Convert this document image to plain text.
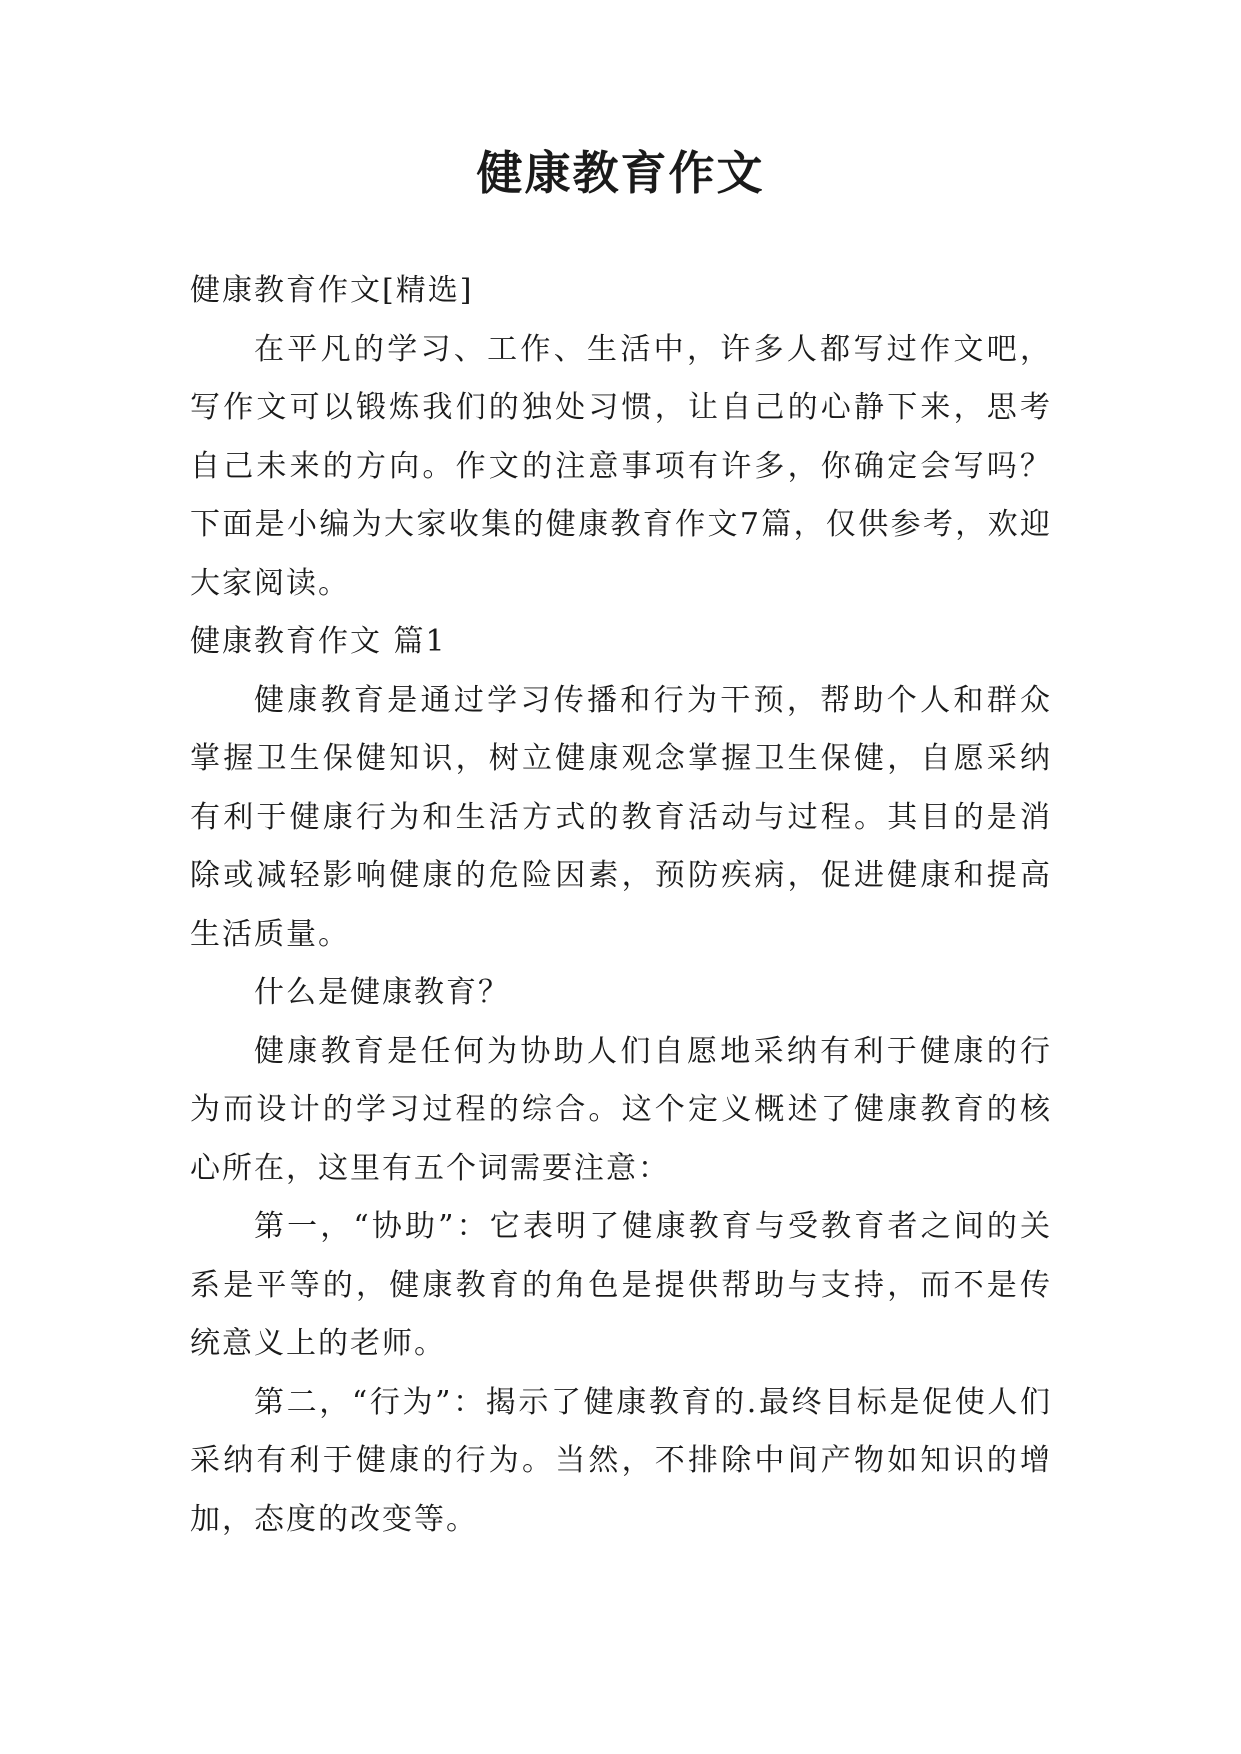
健康教育作文

健康教育作文[精选]

在平凡的学习、工作、生活中，许多人都写过作文吧，写作文可以锻炼我们的独处习惯，让自己的心静下来，思考自己未来的方向。作文的注意事项有许多，你确定会写吗？下面是小编为大家收集的健康教育作文7篇，仅供参考，欢迎大家阅读。

健康教育作文 篇1

健康教育是通过学习传播和行为干预，帮助个人和群众掌握卫生保健知识，树立健康观念掌握卫生保健，自愿采纳有利于健康行为和生活方式的教育活动与过程。其目的是消除或减轻影响健康的危险因素，预防疾病，促进健康和提高生活质量。

什么是健康教育？

健康教育是任何为协助人们自愿地采纳有利于健康的行为而设计的学习过程的综合。这个定义概述了健康教育的核心所在，这里有五个词需要注意：

第一，“协助”：它表明了健康教育与受教育者之间的关系是平等的，健康教育的角色是提供帮助与支持，而不是传统意义上的老师。

第二，“行为”：揭示了健康教育的.最终目标是促使人们采纳有利于健康的行为。当然，不排除中间产物如知识的增加，态度的改变等。
